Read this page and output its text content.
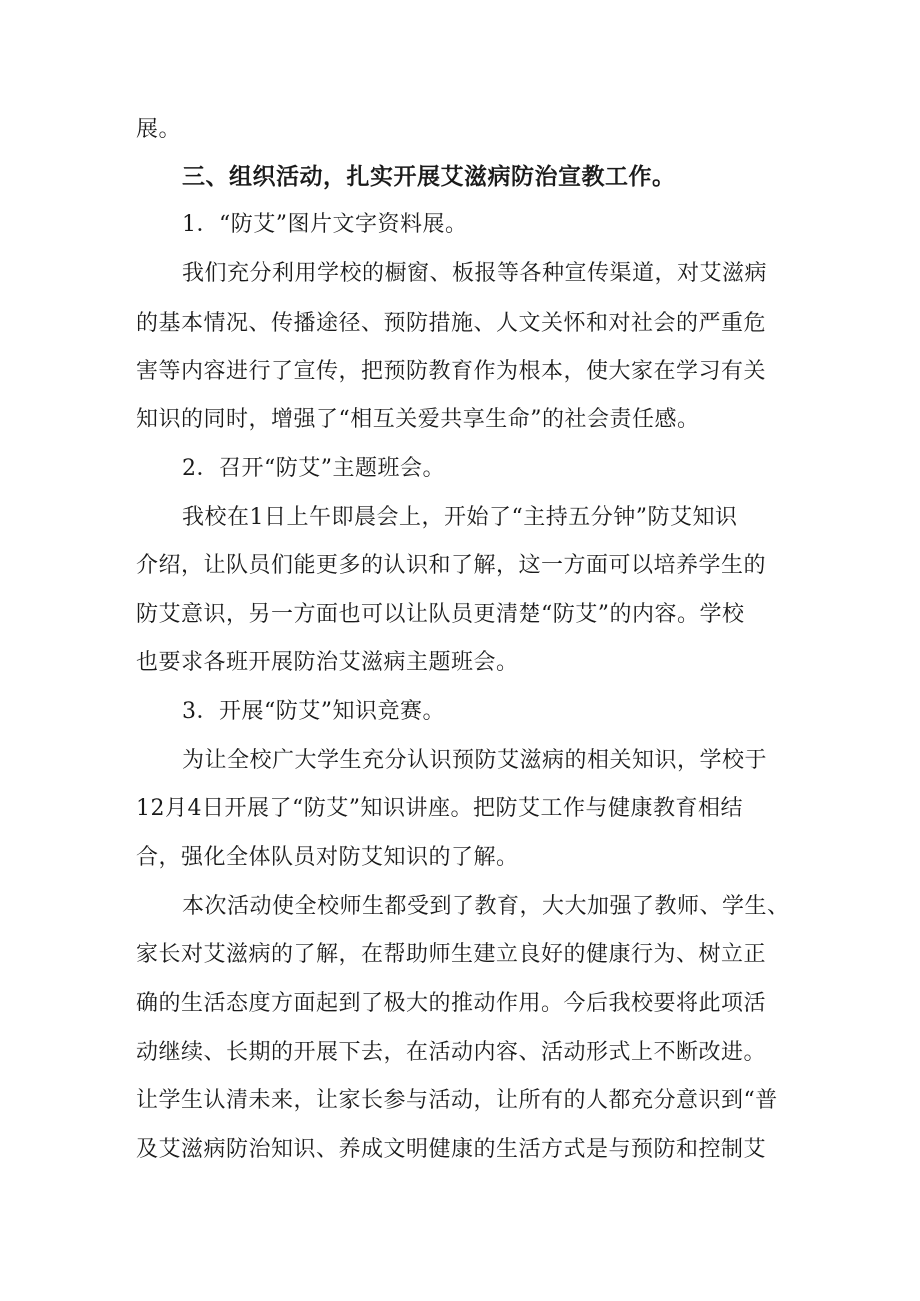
展。
三、组织活动，扎实开展艾滋病防治宣教工作。
1．“防艾”图片文字资料展。
我们充分利用学校的橱窗、板报等各种宣传渠道，对艾滋病
的基本情况、传播途径、预防措施、人文关怀和对社会的严重危
害等内容进行了宣传，把预防教育作为根本，使大家在学习有关
知识的同时，增强了“相互关爱共享生命”的社会责任感。
2．召开“防艾”主题班会。
我校在1日上午即晨会上，开始了“主持五分钟”防艾知识
介绍，让队员们能更多的认识和了解，这一方面可以培养学生的
防艾意识，另一方面也可以让队员更清楚“防艾”的内容。学校
也要求各班开展防治艾滋病主题班会。
3．开展“防艾”知识竞赛。
为让全校广大学生充分认识预防艾滋病的相关知识，学校于
12月4日开展了“防艾”知识讲座。把防艾工作与健康教育相结
合，强化全体队员对防艾知识的了解。
本次活动使全校师生都受到了教育，大大加强了教师、学生、
家长对艾滋病的了解，在帮助师生建立良好的健康行为、树立正
确的生活态度方面起到了极大的推动作用。今后我校要将此项活
动继续、长期的开展下去，在活动内容、活动形式上不断改进。
让学生认清未来，让家长参与活动，让所有的人都充分意识到“普
及艾滋病防治知识、养成文明健康的生活方式是与预防和控制艾
